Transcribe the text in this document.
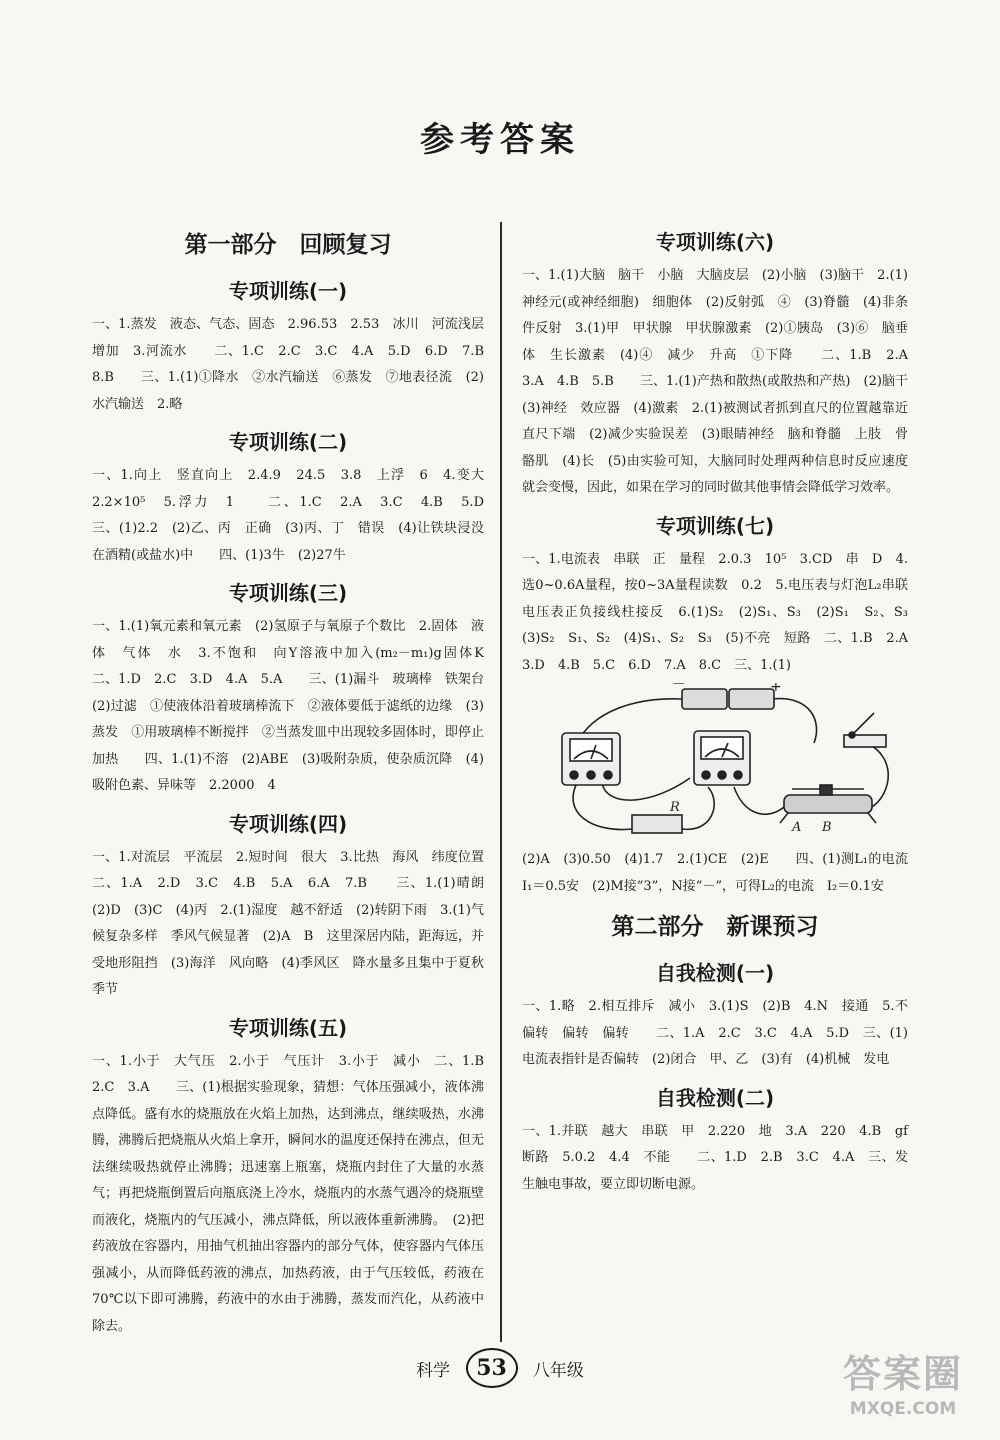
参考答案
第一部分　回顾复习
专项训练(一)

一、1.蒸发　液态、气态、固态　2.96.53　2.53　冰川　河流浅层　增加　3.河流水　　二、1.C　2.C　3.C　4.A　5.D　6.D　7.B　8.B　　三、1.(1)①降水　②水汽输送　⑥蒸发　⑦地表径流　(2)水汽输送　2.略

专项训练(二)

一、1.向上　竖直向上　2.4.9　24.5　3.8　上浮　6　4.变大　2.2×10⁵　5.浮力　1　　二、1.C　2.A　3.C　4.B　5.D　　三、(1)2.2　(2)乙、丙　正确　(3)丙、丁　错误　(4)让铁块浸没在酒精(或盐水)中　　四、(1)3牛　(2)27牛

专项训练(三)

一、1.(1)氧元素和氧元素　(2)氢原子与氧原子个数比　2.固体　液体　气体　水　3.不饱和　向Y溶液中加入(m₂－m₁)g固体K　　二、1.D　2.C　3.D　4.A　5.A　　三、(1)漏斗　玻璃棒　铁架台　(2)过滤　①使液体沿着玻璃棒流下　②液体要低于滤纸的边缘　(3)蒸发　①用玻璃棒不断搅拌　②当蒸发皿中出现较多固体时，即停止加热　　四、1.(1)不溶　(2)ABE　(3)吸附杂质，使杂质沉降　(4)吸附色素、异味等　2.2000　4

专项训练(四)

一、1.对流层　平流层　2.短时间　很大　3.比热　海风　纬度位置　　二、1.A　2.D　3.C　4.B　5.A　6.A　7.B　　三、1.(1)晴朗　(2)D　(3)C　(4)丙　2.(1)湿度　越不舒适　(2)转阴下雨　3.(1)气候复杂多样　季风气候显著　(2)A　B　这里深居内陆，距海远，并受地形阻挡　(3)海洋　风向略　(4)季风区　降水量多且集中于夏秋季节

专项训练(五)

一、1.小于　大气压　2.小于　气压计　3.小于　减小　二、1.B　2.C　3.A　　三、(1)根据实验现象，猜想：气体压强减小，液体沸点降低。盛有水的烧瓶放在火焰上加热，达到沸点，继续吸热，水沸腾，沸腾后把烧瓶从火焰上拿开，瞬间水的温度还保持在沸点，但无法继续吸热就停止沸腾；迅速塞上瓶塞，烧瓶内封住了大量的水蒸气；再把烧瓶倒置后向瓶底浇上冷水，烧瓶内的水蒸气遇冷的烧瓶壁而液化，烧瓶内的气压减小，沸点降低，所以液体重新沸腾。　(2)把药液放在容器内，用抽气机抽出容器内的部分气体，使容器内气体压强减小，从而降低药液的沸点，加热药液，由于气压较低，药液在70℃以下即可沸腾，药液中的水由于沸腾，蒸发而汽化，从药液中除去。

专项训练(六)

一、1.(1)大脑　脑干　小脑　大脑皮层　(2)小脑　(3)脑干　2.(1)神经元(或神经细胞)　细胞体　(2)反射弧　④　(3)脊髓　(4)非条件反射　3.(1)甲　甲状腺　甲状腺激素　(2)①胰岛　(3)⑥　脑垂体　生长激素　(4)④　减少　升高　①下降　　二、1.B　2.A　3.A　4.B　5.B　　三、1.(1)产热和散热(或散热和产热)　(2)脑干　(3)神经　效应器　(4)激素　2.(1)被测试者抓到直尺的位置越靠近直尺下端　(2)减少实验误差　(3)眼睛神经　脑和脊髓　上肢　骨骼肌　(4)长　(5)由实验可知，大脑同时处理两种信息时反应速度就会变慢，因此，如果在学习的同时做其他事情会降低学习效率。

专项训练(七)

一、1.电流表　串联　正　量程　2.0.3　10⁵　3.CD　串　D　4.选0~0.6A量程，按0~3A量程读数　0.2　5.电压表与灯泡L₂串联　电压表正负接线柱接反　6.(1)S₂　(2)S₁、S₃　(2)S₁　S₂、S₃　(3)S₂　S₁、S₂　(4)S₁、S₂　S₃　(5)不亮　短路　二、1.B　2.A　3.D　4.B　5.C　6.D　7.A　8.C　三、1.(1)

－	+
R
A B

(2)A　(3)0.50　(4)1.7　2.(1)CE　(2)E　　四、(1)测L₁的电流　I₁＝0.5安　(2)M接“3”，N接“－”，可得L₂的电流　I₂＝0.1安

第二部分　新课预习
自我检测(一)

一、1.略　2.相互排斥　减小　3.(1)S　(2)B　4.N　接通　5.不偏转　偏转　偏转　　二、1.A　2.C　3.C　4.A　5.D　三、(1)电流表指针是否偏转　(2)闭合　甲、乙　(3)有　(4)机械　发电

自我检测(二)

一、1.并联　越大　串联　甲　2.220　地　3.A　220　4.B　gf　断路　5.0.2　4.4　不能　　二、1.D　2.B　3.C　4.A　三、发生触电事故，要立即切断电源。

科学 53 八年级	答案圈
MXQE.COM
